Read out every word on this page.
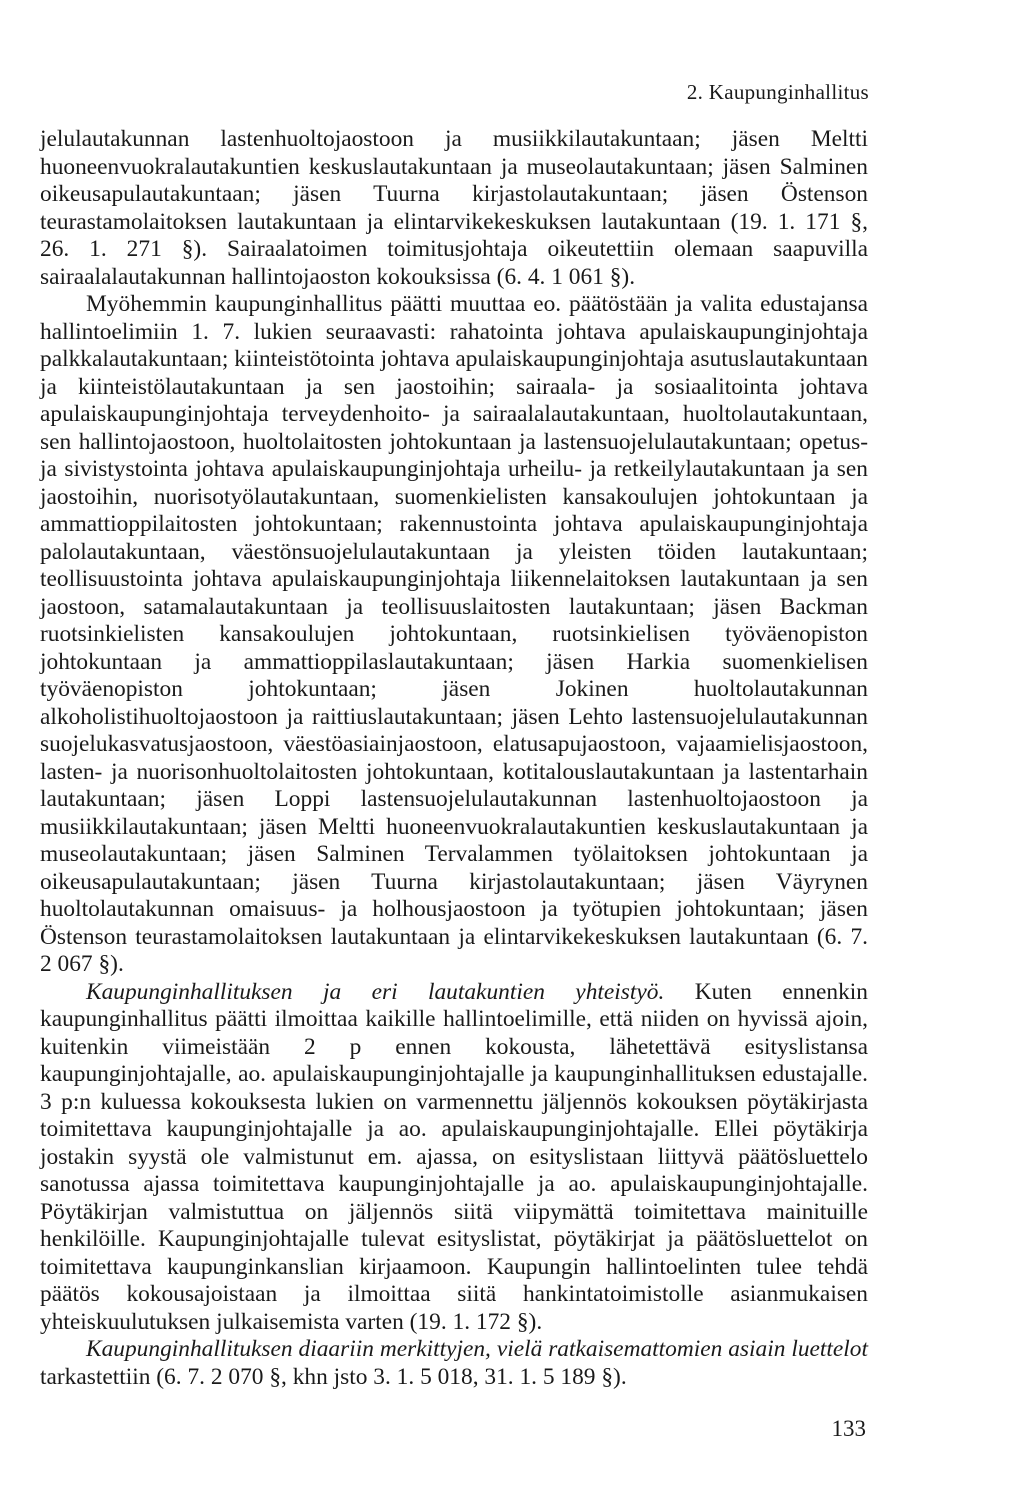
2. Kaupunginhallitus

jelulautakunnan lastenhuoltojaostoon ja musiikkilautakuntaan; jäsen Meltti huoneenvuokralautakuntien keskuslautakuntaan ja museolautakuntaan; jäsen Salminen oikeusapulautakuntaan; jäsen Tuurna kirjastolautakuntaan; jäsen Östenson teurastamolaitoksen lautakuntaan ja elintarvikekeskuksen lautakuntaan (19. 1. 171 §, 26. 1. 271 §). Sairaalatoimen toimitusjohtaja oikeutettiin olemaan saapuvilla sairaalalautakunnan hallintojaoston kokouksissa (6. 4. 1 061 §).

Myöhemmin kaupunginhallitus päätti muuttaa eo. päätöstään ja valita edustajansa hallintoelimiin 1. 7. lukien seuraavasti: rahatointa johtava apulaiskaupunginjohtaja palkkalautakuntaan; kiinteistötointa johtava apulaiskaupunginjohtaja asutuslautakuntaan ja kiinteistölautakuntaan ja sen jaostoihin; sairaala- ja sosiaalitointa johtava apulaiskaupunginjohtaja terveydenhoito- ja sairaalalautakuntaan, huoltolautakuntaan, sen hallintojaostoon, huoltolaitosten johtokuntaan ja lastensuojelulautakuntaan; opetus- ja sivistystointa johtava apulaiskaupunginjohtaja urheilu- ja retkeilylautakuntaan ja sen jaostoihin, nuorisotyölautakuntaan, suomenkielisten kansakoulujen johtokuntaan ja ammattioppilaitosten johtokuntaan; rakennustointa johtava apulaiskaupunginjohtaja palolautakuntaan, väestönsuojelulautakuntaan ja yleisten töiden lautakuntaan; teollisuustointa johtava apulaiskaupunginjohtaja liikennelaitoksen lautakuntaan ja sen jaostoon, satamalautakuntaan ja teollisuuslaitosten lautakuntaan; jäsen Backman ruotsinkielisten kansakoulujen johtokuntaan, ruotsinkielisen työväenopiston johtokuntaan ja ammattioppilaslautakuntaan; jäsen Harkia suomenkielisen työväenopiston johtokuntaan; jäsen Jokinen huoltolautakunnan alkoholistihuoltojaostoon ja raittiuslautakuntaan; jäsen Lehto lastensuojelulautakunnan suojelukasvatusjaostoon, väestöasiainjaostoon, elatusapujaostoon, vajaamielisjaostoon, lasten- ja nuorisonhuoltolaitosten johtokuntaan, kotitalouslautakuntaan ja lastentarhain lautakuntaan; jäsen Loppi lastensuojelulautakunnan lastenhuoltojaostoon ja musiikkilautakuntaan; jäsen Meltti huoneenvuokralautakuntien keskuslautakuntaan ja museolautakuntaan; jäsen Salminen Tervalammen työlaitoksen johtokuntaan ja oikeusapulautakuntaan; jäsen Tuurna kirjastolautakuntaan; jäsen Väyrynen huoltolautakunnan omaisuus- ja holhousjaostoon ja työtupien johtokuntaan; jäsen Östenson teurastamolaitoksen lautakuntaan ja elintarvikekeskuksen lautakuntaan (6. 7. 2 067 §).

Kaupunginhallituksen ja eri lautakuntien yhteistyö. Kuten ennenkin kaupunginhallitus päätti ilmoittaa kaikille hallintoelimille, että niiden on hyvissä ajoin, kuitenkin viimeistään 2 p ennen kokousta, lähetettävä esityslistansa kaupunginjohtajalle, ao. apulaiskaupunginjohtajalle ja kaupunginhallituksen edustajalle. 3 p:n kuluessa kokouksesta lukien on varmennettu jäljennös kokouksen pöytäkirjasta toimitettava kaupunginjohtajalle ja ao. apulaiskaupunginjohtajalle. Ellei pöytäkirja jostakin syystä ole valmistunut em. ajassa, on esityslistaan liittyvä päätösluettelo sanotussa ajassa toimitettava kaupunginjohtajalle ja ao. apulaiskaupunginjohtajalle. Pöytäkirjan valmistuttua on jäljennös siitä viipymättä toimitettava mainituille henkilöille. Kaupunginjohtajalle tulevat esityslistat, pöytäkirjat ja päätösluettelot on toimitettava kaupunginkanslian kirjaamoon. Kaupungin hallintoelinten tulee tehdä päätös kokousajoistaan ja ilmoittaa siitä hankintatoimistolle asianmukaisen yhteiskuulutuksen julkaisemista varten (19. 1. 172 §).

Kaupunginhallituksen diaariin merkittyjen, vielä ratkaisemattomien asiain luettelot tarkastettiin (6. 7. 2 070 §, khn jsto 3. 1. 5 018, 31. 1. 5 189 §).

133
